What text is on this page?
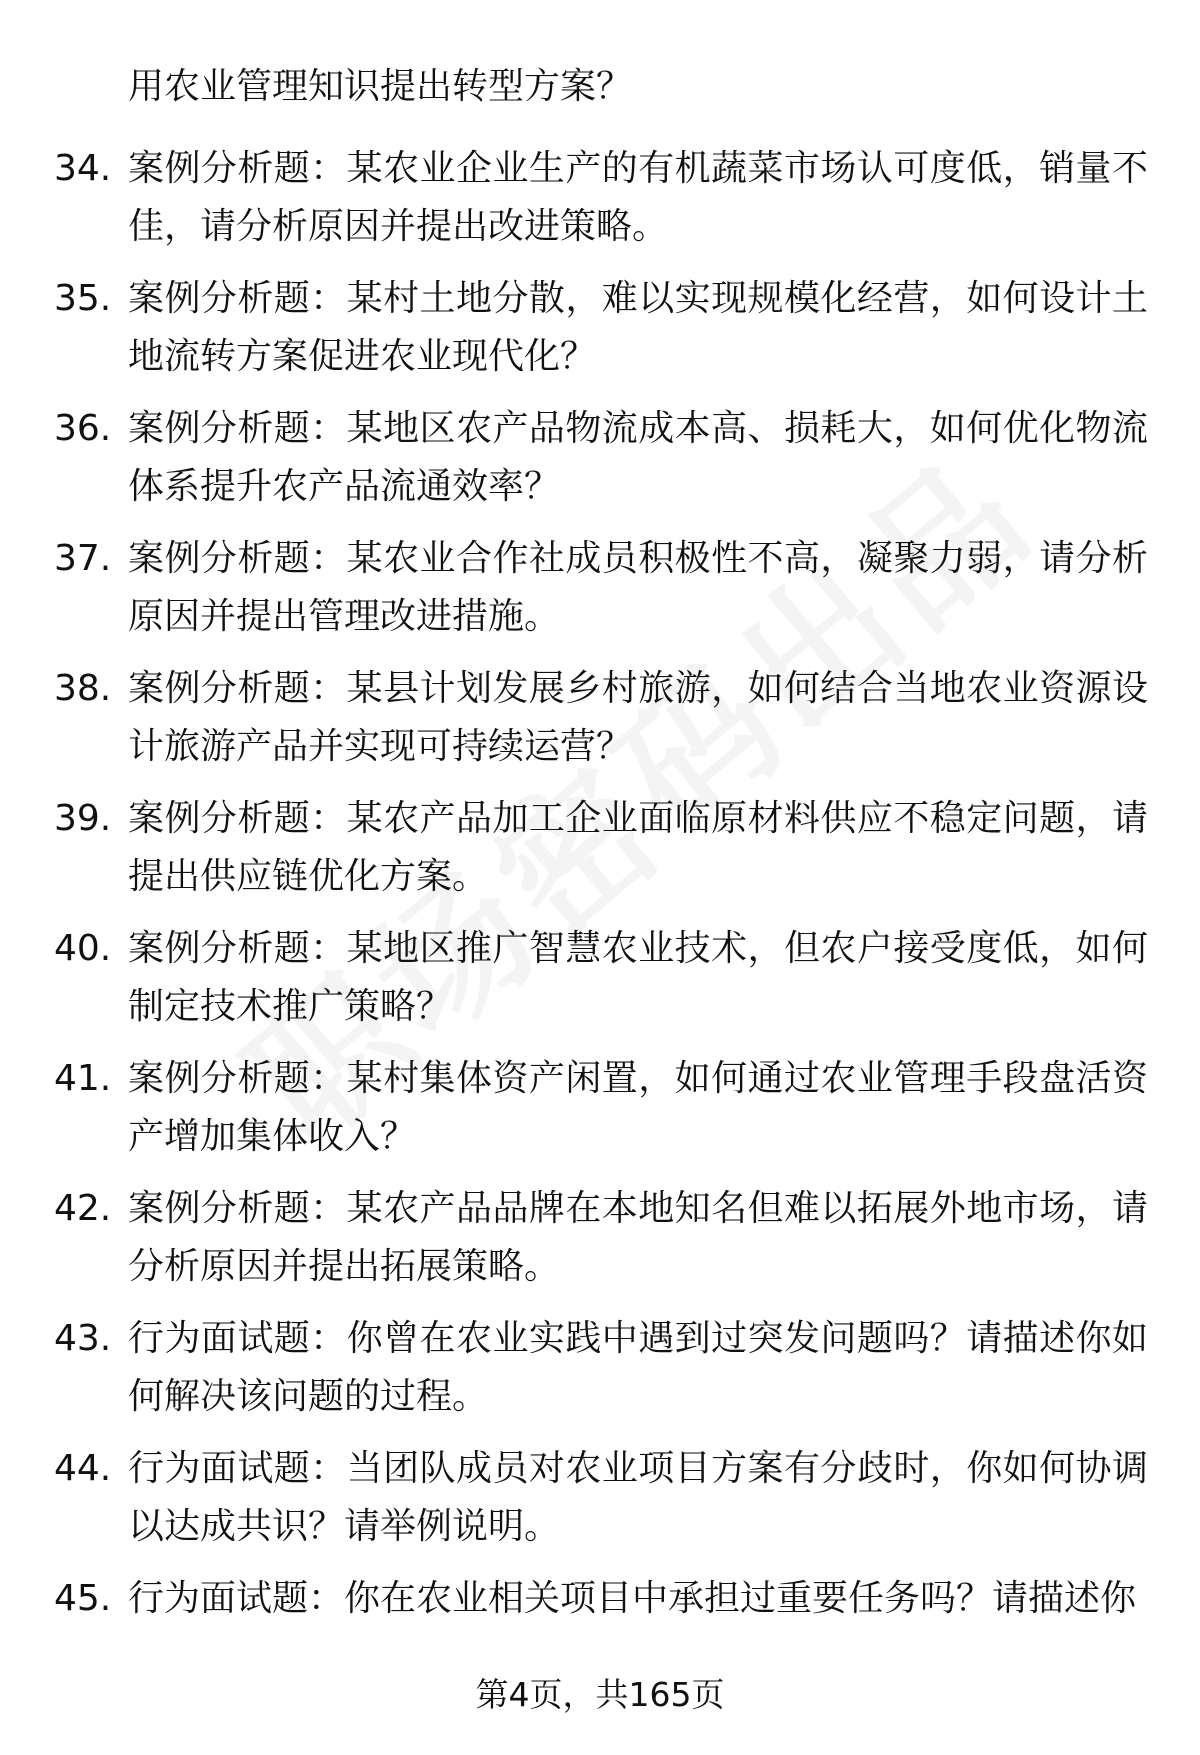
用农业管理知识提出转型方案？
34. 案例分析题：某农业企业生产的有机蔬菜市场认可度低，销量不佳，请分析原因并提出改进策略。
35. 案例分析题：某村土地分散，难以实现规模化经营，如何设计土地流转方案促进农业现代化？
36. 案例分析题：某地区农产品物流成本高、损耗大，如何优化物流体系提升农产品流通效率？
37. 案例分析题：某农业合作社成员积极性不高，凝聚力弱，请分析原因并提出管理改进措施。
38. 案例分析题：某县计划发展乡村旅游，如何结合当地农业资源设计旅游产品并实现可持续运营？
39. 案例分析题：某农产品加工企业面临原材料供应不稳定问题，请提出供应链优化方案。
40. 案例分析题：某地区推广智慧农业技术，但农户接受度低，如何制定技术推广策略？
41. 案例分析题：某村集体资产闲置，如何通过农业管理手段盘活资产增加集体收入？
42. 案例分析题：某农产品品牌在本地知名但难以拓展外地市场，请分析原因并提出拓展策略。
43. 行为面试题：你曾在农业实践中遇到过突发问题吗？请描述你如何解决该问题的过程。
44. 行为面试题：当团队成员对农业项目方案有分歧时，你如何协调以达成共识？请举例说明。
45. 行为面试题：你在农业相关项目中承担过重要任务吗？请描述你
第4页，共165页
